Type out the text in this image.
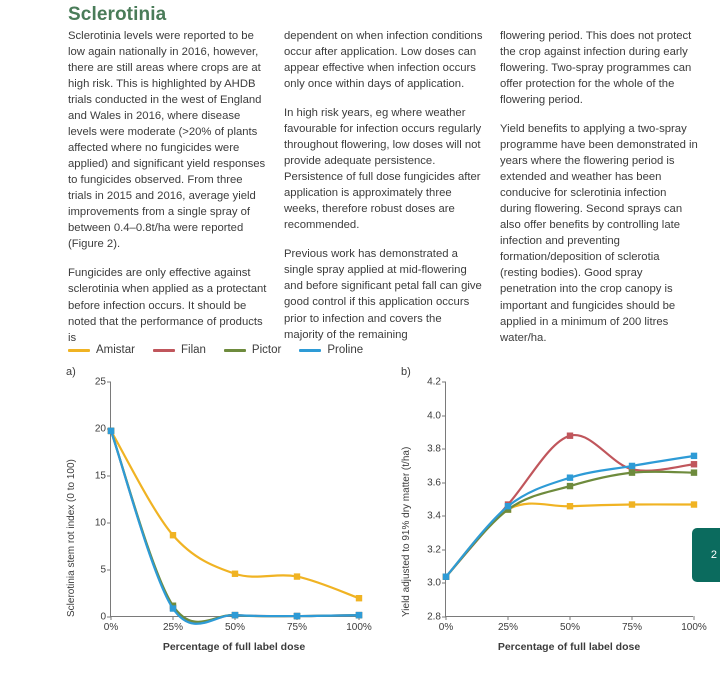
Sclerotinia

Sclerotinia levels were reported to be low again nationally in 2016, however, there are still areas where crops are at high risk. This is highlighted by AHDB trials conducted in the west of England and Wales in 2016, where disease levels were moderate (>20% of plants affected where no fungicides were applied) and significant yield responses to fungicides observed. From three trials in 2015 and 2016, average yield improvements from a single spray of between 0.4–0.8t/ha were reported (Figure 2).

Fungicides are only effective against sclerotinia when applied as a protectant before infection occurs. It should be noted that the performance of products is

dependent on when infection conditions occur after application. Low doses can appear effective when infection occurs only once within days of application.

In high risk years, eg where weather favourable for infection occurs regularly throughout flowering, low doses will not provide adequate persistence. Persistence of full dose fungicides after application is approximately three weeks, therefore robust doses are recommended.

Previous work has demonstrated a single spray applied at mid-flowering and before significant petal fall can give good control if this application occurs prior to infection and covers the majority of the remaining

flowering period. This does not protect the crop against infection during early flowering. Two-spray programmes can offer protection for the whole of the flowering period.

Yield benefits to applying a two-spray programme have been demonstrated in years where the flowering period is extended and weather has been conducive for sclerotinia infection during flowering. Second sprays can also offer benefits by controlling late infection and preventing formation/deposition of sclerotia (resting bodies). Good spray penetration into the crop canopy is important and fungicides should be applied in a minimum of 200 litres water/ha.

Amistar	Filan	Pictor	Proline
a)
0
5
10
15
20
25
0%	25%	50%	75%	100%
Sclerotinia stem rot index (0 to 100)
Percentage of full label dose
b)
2.8
3.0
3.2
3.4
3.6
3.8
4.0
4.2
0%	25%	50%	75%	100%
Yield adjusted to 91% dry matter (t/ha)
Percentage of full label dose
2
